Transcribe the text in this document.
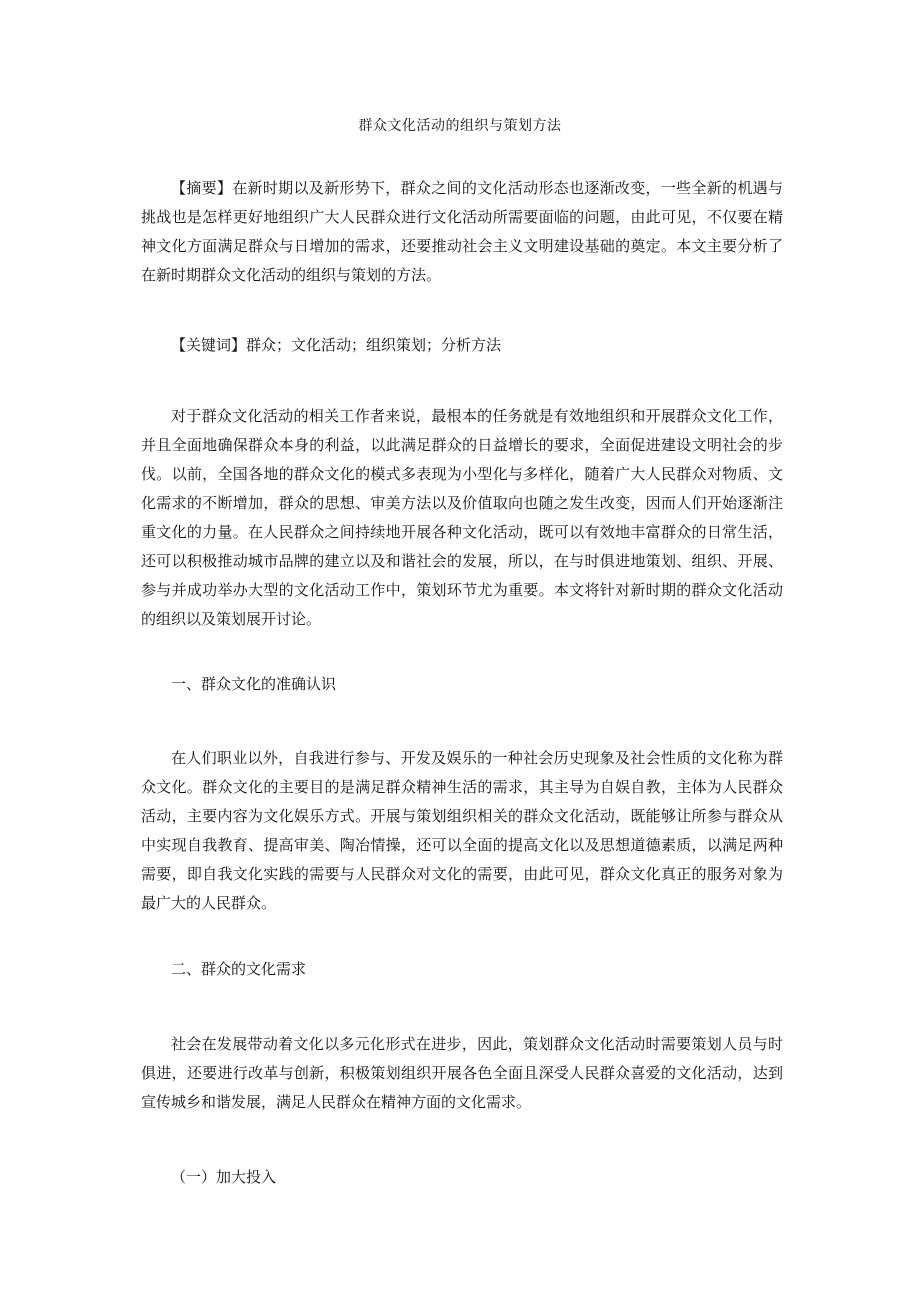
群众文化活动的组织与策划方法

【摘要】在新时期以及新形势下，群众之间的文化活动形态也逐渐改变，一些全新的机遇与挑战也是怎样更好地组织广大人民群众进行文化活动所需要面临的问题，由此可见，不仅要在精神文化方面满足群众与日增加的需求，还要推动社会主义文明建设基础的奠定。本文主要分析了在新时期群众文化活动的组织与策划的方法。

【关键词】群众；文化活动；组织策划；分析方法

对于群众文化活动的相关工作者来说，最根本的任务就是有效地组织和开展群众文化工作，并且全面地确保群众本身的利益，以此满足群众的日益增长的要求，全面促进建设文明社会的步伐。以前，全国各地的群众文化的模式多表现为小型化与多样化，随着广大人民群众对物质、文化需求的不断增加，群众的思想、审美方法以及价值取向也随之发生改变，因而人们开始逐渐注重文化的力量。在人民群众之间持续地开展各种文化活动，既可以有效地丰富群众的日常生活，还可以积极推动城市品牌的建立以及和谐社会的发展，所以，在与时俱进地策划、组织、开展、参与并成功举办大型的文化活动工作中，策划环节尤为重要。本文将针对新时期的群众文化活动的组织以及策划展开讨论。

一、群众文化的准确认识

在人们职业以外，自我进行参与、开发及娱乐的一种社会历史现象及社会性质的文化称为群众文化。群众文化的主要目的是满足群众精神生活的需求，其主导为自娱自教，主体为人民群众活动，主要内容为文化娱乐方式。开展与策划组织相关的群众文化活动，既能够让所参与群众从中实现自我教育、提高审美、陶冶情操，还可以全面的提高文化以及思想道德素质，以满足两种需要，即自我文化实践的需要与人民群众对文化的需要，由此可见，群众文化真正的服务对象为最广大的人民群众。

二、群众的文化需求

社会在发展带动着文化以多元化形式在进步，因此，策划群众文化活动时需要策划人员与时俱进，还要进行改革与创新，积极策划组织开展各色全面且深受人民群众喜爱的文化活动，达到宣传城乡和谐发展，满足人民群众在精神方面的文化需求。

（一）加大投入
